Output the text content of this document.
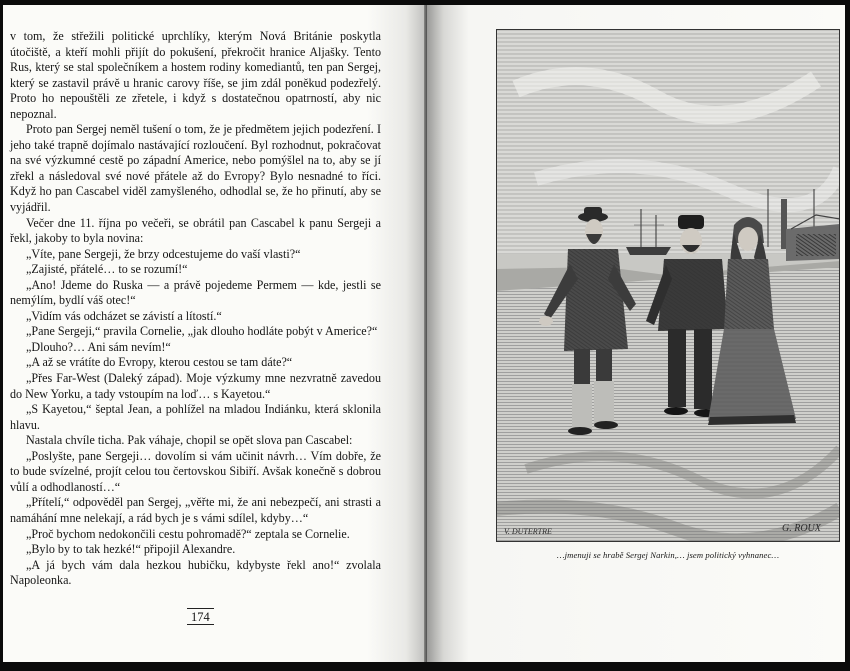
v tom, že střežili politické uprchlíky, kterým Nová Británie poskytla útočiště, a kteří mohli přijít do pokušení, překročit hranice Aljašky. Tento Rus, který se stal společníkem a hostem rodiny komediantů, ten pan Sergej, který se zastavil právě u hranic carovy říše, se jim zdál poněkud podezřelý. Proto ho nepouštěli ze zřetele, i když s dostatečnou opatrností, aby nic nepoznal.

Proto pan Sergej neměl tušení o tom, že je předmětem jejich podezření. I jeho také trapně dojímalo nastávající rozloučení. Byl rozhodnut, pokračovat na své výzkumné cestě po západní Americe, nebo pomýšlel na to, aby se jí zřekl a následoval své nové přátele až do Evropy? Bylo nesnadné to říci. Když ho pan Cascabel viděl zamyšleného, odhodlal se, že ho přinutí, aby se vyjádřil.

Večer dne 11. října po večeři, se obrátil pan Cascabel k panu Sergeji a řekl, jakoby to byla novina:

„Víte, pane Sergeji, že brzy odcestujeme do vaší vlasti?“

„Zajisté, přátelé… to se rozumí!“

„Ano! Jdeme do Ruska — a právě pojedeme Permem — kde, jestli se nemýlím, bydlí váš otec!“

„Vidím vás odcházet se závistí a lítostí.“

„Pane Sergeji,“ pravila Cornelie, „jak dlouho hodláte pobýt v Americe?“

„Dlouho?… Ani sám nevím!“

„A až se vrátíte do Evropy, kterou cestou se tam dáte?“

„Přes Far-West (Daleký západ). Moje výzkumy mne nezvratně zavedou do New Yorku, a tady vstoupím na loď… s Kayetou.“

„S Kayetou,“ šeptal Jean, a pohlížel na mladou Indiánku, která sklonila hlavu.

Nastala chvíle ticha. Pak váhaje, chopil se opět slova pan Cascabel:

„Poslyšte, pane Sergeji… dovolím si vám učinit návrh… Vím dobře, že to bude svízelné, projít celou tou čertovskou Sibiří. Avšak konečně s dobrou vůlí a odhodlaností…“

„Přítelí,“ odpověděl pan Sergej, „věřte mi, že ani nebezpečí, ani strasti a namáhání mne nelekají, a rád bych je s vámi sdílel, kdyby…“

„Proč bychom nedokončili cestu pohromadě?“ zeptala se Cornelie.

„Bylo by to tak hezké!“ připojil Alexandre.

„A já bych vám dala hezkou hubičku, kdybyste řekl ano!“ zvolala Napoleonka.

174
V. DUTERTRE	G. ROUX
…jmenuji se hrabě Sergej Narkin,… jsem politický vyhnanec…
